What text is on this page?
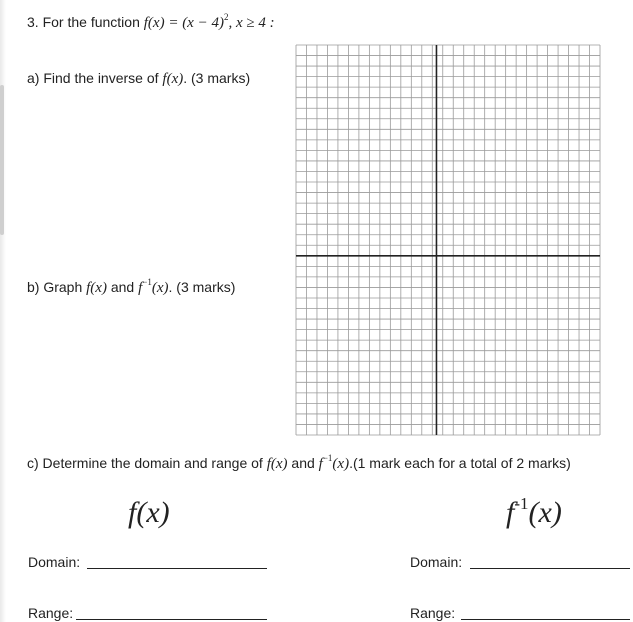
3. For the function $f(x) = (x - 4)^2$, x ≥ 4 :
a) Find the inverse of f(x). (3 marks)
b) Graph f(x) and $f^{-1}(x)$. (3 marks)
c) Determine the domain and range of f(x) and $f^{-1}(x).(1$ mark each for a total of 2 marks)
f(x)	$f^{-1}(x)$
Domain:
Range:
Domain:
Range:
